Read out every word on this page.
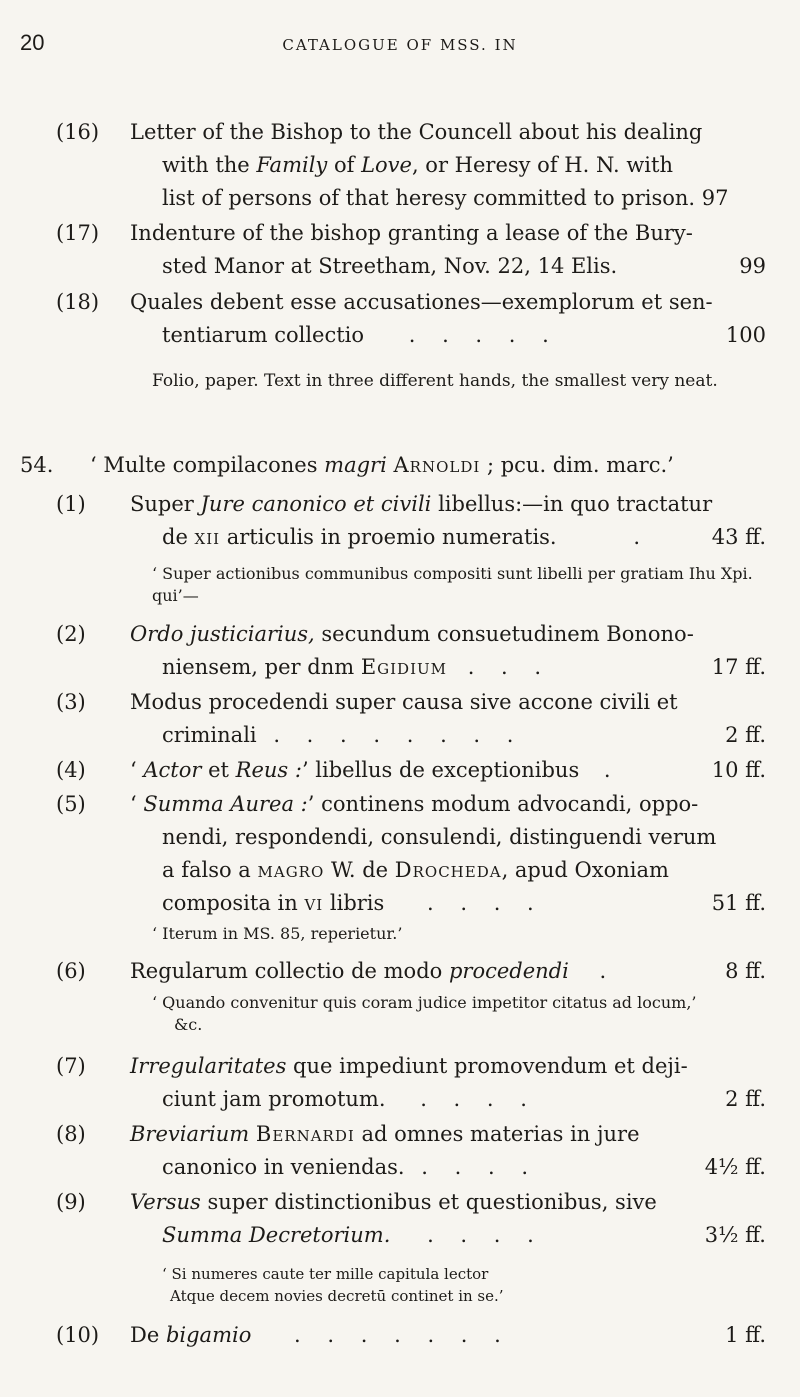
20	CATALOGUE OF MSS. IN
(16) Letter of the Bishop to the Councell about his dealing
with the Family of Love, or Heresy of H. N. with
list of persons of that heresy committed to prison. 97
(17) Indenture of the bishop granting a lease of the Bury-
sted Manor at Streetham, Nov. 22, 14 Elis.	99
(18) Quales debent esse accusationes—exemplorum et sen-
tentiarum collectio . . . . .	100
Folio, paper. Text in three different hands, the smallest very neat.
54. ‘ Multe compilacones magri Arnoldi ; pcu. dim. marc.’
(1) Super Jure canonico et civili libellus:—in quo tractatur
de xii articulis in proemio numeratis.	.	43 ff.
‘ Super actionibus communibus compositi sunt libelli per gratiam Ihu Xpi. qui’—
(2) Ordo justiciarius, secundum consuetudinem Bonono-
niensem, per dnm Egidium . . .	17 ff.
(3) Modus procedendi super causa sive accone civili et
criminali . . . . . . . .	2 ff.
(4) ‘ Actor et Reus :’ libellus de exceptionibus .	10 ff.
(5) ‘ Summa Aurea :’ continens modum advocandi, oppo-
nendi, respondendi, consulendi, distinguendi verum
a falso a magro W. de Drocheda, apud Oxoniam
composita in vi libris . . . .	51 ff.
‘ Iterum in MS. 85, reperietur.’
(6) Regularum collectio de modo procedendi .	8 ff.
‘ Quando convenitur quis coram judice impetitor citatus ad locum,’
&c.
(7) Irregularitates que impediunt promovendum et deji-
ciunt jam promotum. . . . .	2 ff.
(8) Breviarium Bernardi ad omnes materias in jure
canonico in veniendas. . . . .	4½ ff.
(9) Versus super distinctionibus et questionibus, sive
Summa Decretorium. . . . .	3½ ff.
‘ Si numeres caute ter mille capitula lector
Atque decem novies decretū continet in se.’
(10) De bigamio . . . . . . .	1 ff.
